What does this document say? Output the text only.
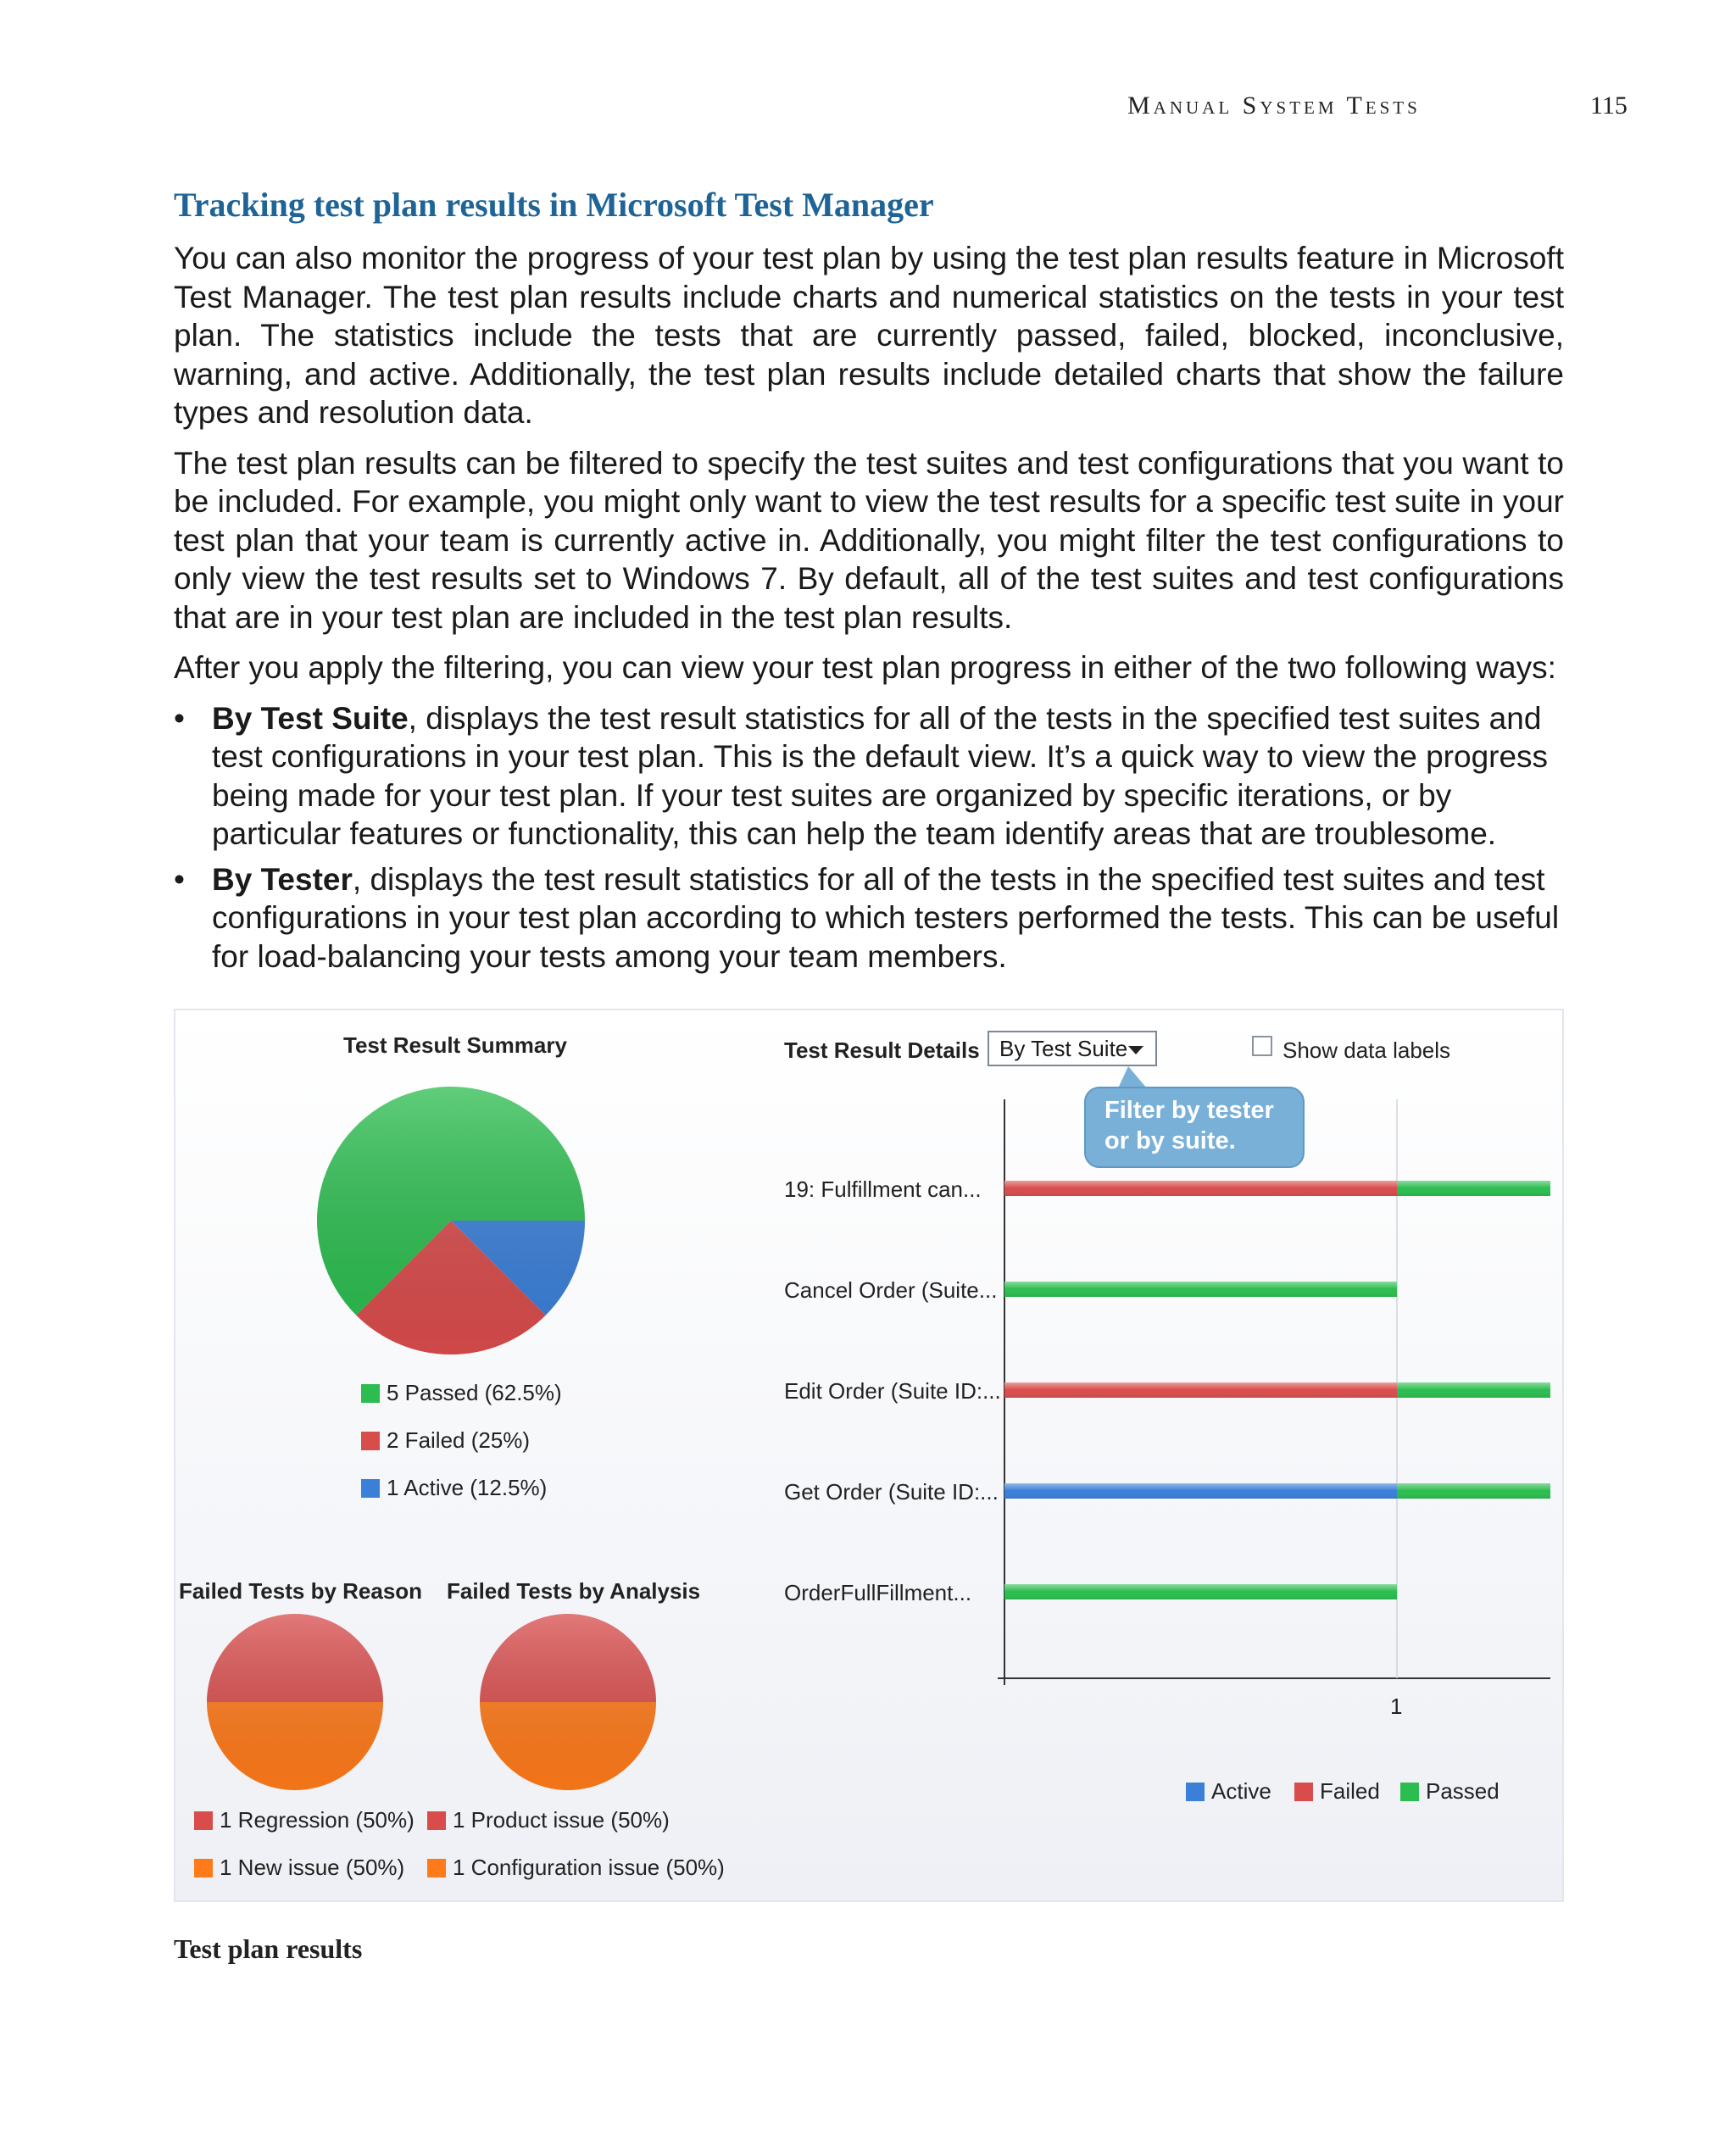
Manual System Tests	115
Tracking test plan results in Microsoft Test Manager

You can also monitor the progress of your test plan by using the test plan results feature in Microsoft Test Manager. The test plan results include charts and numerical statistics on the tests in your test plan. The statistics include the tests that are currently passed, failed, blocked, inconclusive, warning, and active. Additionally, the test plan results include detailed charts that show the failure types and resolution data.

The test plan results can be filtered to specify the test suites and test configurations that you want to be included. For example, you might only want to view the test results for a specific test suite in your test plan that your team is currently active in. Additionally, you might filter the test configurations to only view the test results set to Windows 7. By default, all of the test suites and test configurations that are in your test plan are included in the test plan results.

After you apply the filtering, you can view your test plan progress in either of the two following ways:

• By Test Suite, displays the test result statistics for all of the tests in the specified test suites and test configurations in your test plan. This is the default view. It’s a quick way to view the progress being made for your test plan. If your test suites are organized by specific iterations, or by particular features or functionality, this can help the team identify areas that are troublesome.
• By Tester, displays the test result statistics for all of the tests in the specified test suites and test configurations in your test plan according to which testers performed the tests. This can be useful for load-balancing your tests among your team members.
Test Result Summary
5 Passed (62.5%)
2 Failed (25%)
1 Active (12.5%)
Failed Tests by Reason Failed Tests by Analysis
1 Regression (50%)
1 New issue (50%)
1 Product issue (50%)
1 Configuration issue (50%)
Test Result Details By Test Suite	Show data labels
Filter by tester or by suite.
19: Fulfillment can...
Cancel Order (Suite...
Edit Order (Suite ID:...
Get Order (Suite ID:...
OrderFullFillment...
1
Active	Failed	Passed
Test plan results
